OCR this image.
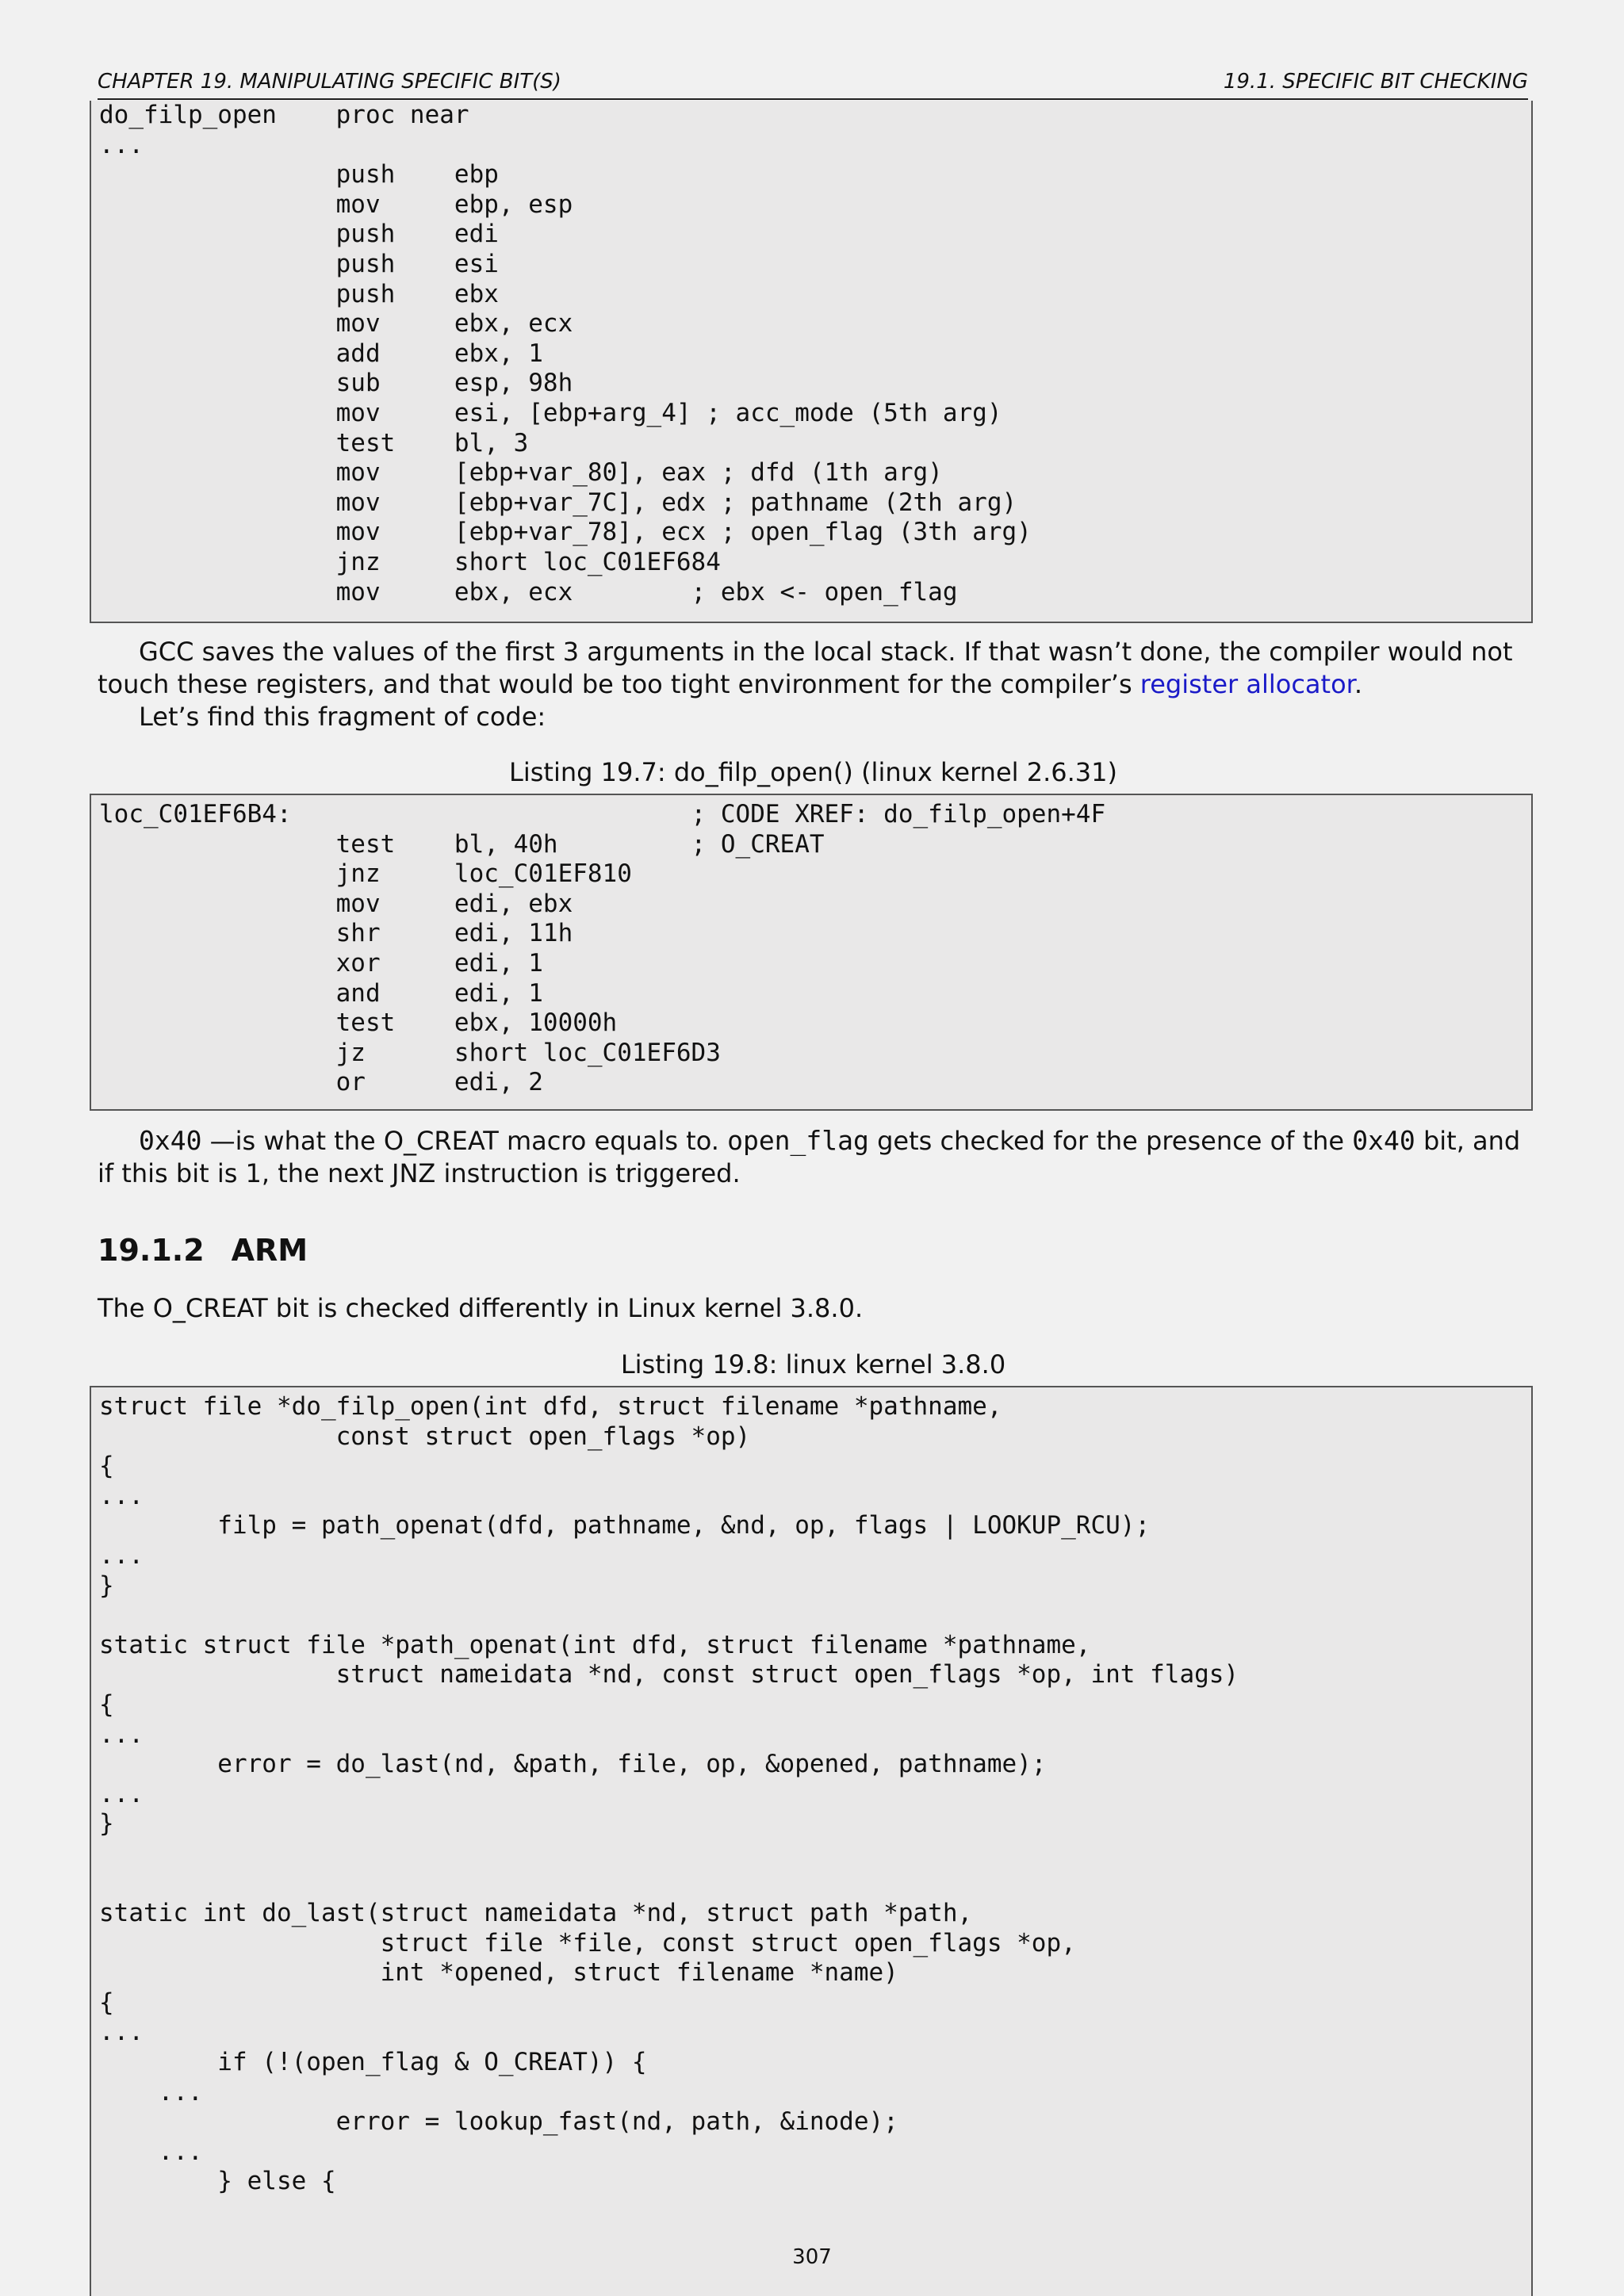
CHAPTER 19. MANIPULATING SPECIFIC BIT(S)	19.1. SPECIFIC BIT CHECKING
do_filp_open    proc near
...
push    ebp
mov     ebp, esp
push    edi
push    esi
push    ebx
mov     ebx, ecx
add     ebx, 1
sub     esp, 98h
mov     esi, [ebp+arg_4] ; acc_mode (5th arg)
test    bl, 3
mov     [ebp+var_80], eax ; dfd (1th arg)
mov     [ebp+var_7C], edx ; pathname (2th arg)
mov     [ebp+var_78], ecx ; open_flag (3th arg)
jnz     short loc_C01EF684
mov     ebx, ecx        ; ebx <- open_flag

GCC saves the values of the first 3 arguments in the local stack. If that wasn’t done, the compiler would not touch these registers, and that would be too tight environment for the compiler’s register allocator.

Let’s find this fragment of code:

Listing 19.7: do_filp_open() (linux kernel 2.6.31)
loc_C01EF6B4:                           ; CODE XREF: do_filp_open+4F
test    bl, 40h         ; O_CREAT
jnz     loc_C01EF810
mov     edi, ebx
shr     edi, 11h
xor     edi, 1
and     edi, 1
test    ebx, 10000h
jz      short loc_C01EF6D3
or      edi, 2

0x40 —is what the O_CREAT macro equals to. open_flag gets checked for the presence of the 0x40 bit, and if this bit is 1, the next JNZ instruction is triggered.

19.1.2 ARM

The O_CREAT bit is checked differently in Linux kernel 3.8.0.

Listing 19.8: linux kernel 3.8.0
struct file *do_filp_open(int dfd, struct filename *pathname,
const struct open_flags *op)
{
...
filp = path_openat(dfd, pathname, &nd, op, flags | LOOKUP_RCU);
...
}

static struct file *path_openat(int dfd, struct filename *pathname,
struct nameidata *nd, const struct open_flags *op, int flags)
{
...
error = do_last(nd, &path, file, op, &opened, pathname);
...
}

static int do_last(struct nameidata *nd, struct path *path,
struct file *file, const struct open_flags *op,
int *opened, struct filename *name)
{
...
if (!(open_flag & O_CREAT)) {
...
error = lookup_fast(nd, path, &inode);
...
} else {
307
